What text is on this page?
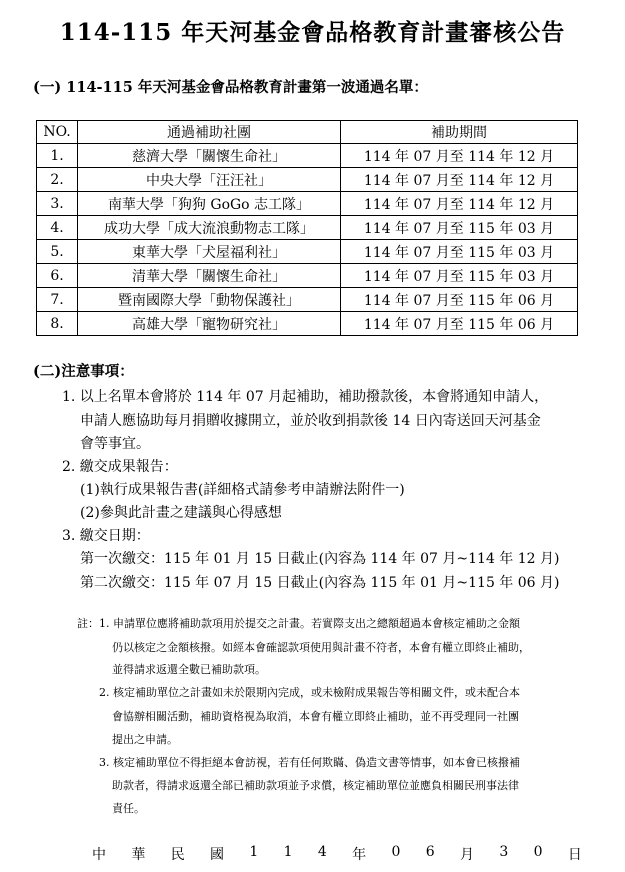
114-115 年天河基金會品格教育計畫審核公告
(一) 114-115 年天河基金會品格教育計畫第一波通過名單：
NO.	通過補助社團	補助期間
1.	慈濟大學「關懷生命社」	114 年 07 月至 114 年 12 月
2.	中央大學「汪汪社」	114 年 07 月至 114 年 12 月
3.	南華大學「狗狗 GoGo 志工隊」	114 年 07 月至 114 年 12 月
4.	成功大學「成大流浪動物志工隊」	114 年 07 月至 115 年 03 月
5.	東華大學「犬屋福利社」	114 年 07 月至 115 年 03 月
6.	清華大學「關懷生命社」	114 年 07 月至 115 年 03 月
7.	暨南國際大學「動物保護社」	114 年 07 月至 115 年 06 月
8.	高雄大學「寵物研究社」	114 年 07 月至 115 年 06 月
(二)注意事項：
1. 以上名單本會將於 114 年 07 月起補助，補助撥款後，本會將通知申請人，
申請人應協助每月捐贈收據開立，並於收到捐款後 14 日內寄送回天河基金
會等事宜。
2. 繳交成果報告：
(1)執行成果報告書(詳細格式請參考申請辦法附件一)
(2)參與此計畫之建議與心得感想
3. 繳交日期：
第一次繳交：115 年 01 月 15 日截止(內容為 114 年 07 月~114 年 12 月)
第二次繳交：115 年 07 月 15 日截止(內容為 115 年 01 月~115 年 06 月)
註： 1. 申請單位應將補助款項用於提交之計畫。若實際支出之總額超過本會核定補助之金額
仍以核定之金額核撥。如經本會確認款項使用與計畫不符者，本會有權立即終止補助，
並得請求返還全數已補助款項。
2. 核定補助單位之計畫如未於限期內完成，或未檢附成果報告等相關文件，或未配合本
會協辦相關活動，補助資格視為取消，本會有權立即終止補助，並不再受理同一社團
提出之申請。
3. 核定補助單位不得拒絕本會訪視，若有任何欺瞞、偽造文書等情事，如本會已核撥補
助款者，得請求返還全部已補助款項並予求償，核定補助單位並應負相關民刑事法律
責任。
中 華 民 國 1 1 4 年 0 6 月 3 0 日
